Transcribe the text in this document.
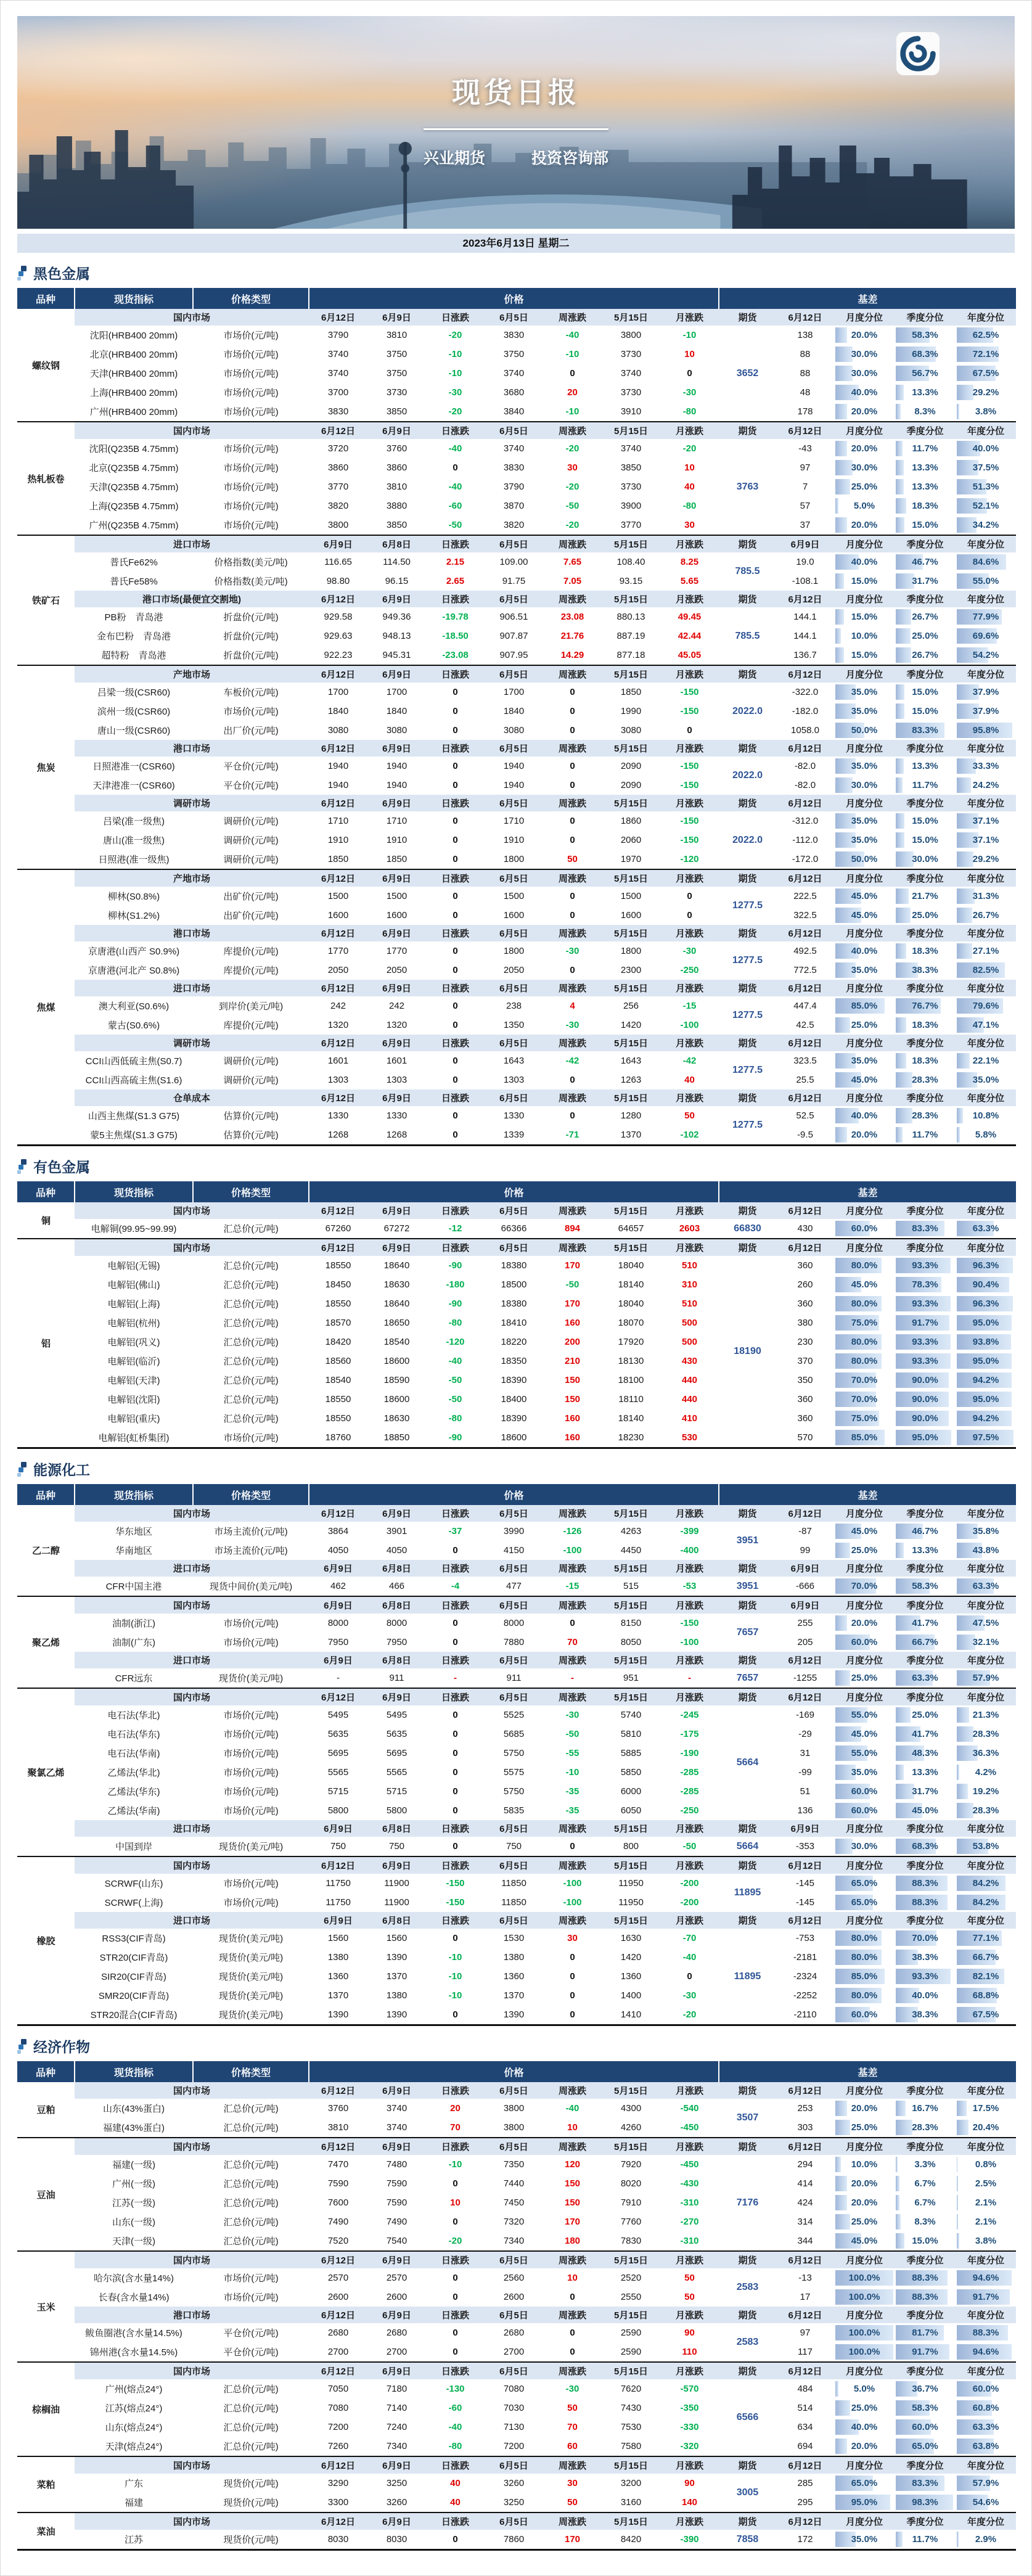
现货日报
兴业期货	投资咨询部
2023年6月13日 星期二
黑色金属
品种	现货指标	价格类型	价格							基差				
螺纹钢	国内市场		6月12日	6月9日	日涨跌	6月5日	周涨跌	5月15日	月涨跌	期货	6月12日	月度分位	季度分位	年度分位
	沈阳(HRB400 20mm)	市场价(元/吨)	3790	3810	-20	3830	-40	3800	-10	3652	138	20.0%	58.3%	62.5%

	北京(HRB400 20mm)	市场价(元/吨)	3740	3750	-10	3750	-10	3730	10		88	30.0%	68.3%	72.1%

	天津(HRB400 20mm)	市场价(元/吨)	3740	3750	-10	3740	0	3740	0		88	30.0%	56.7%	67.5%

	上海(HRB400 20mm)	市场价(元/吨)	3700	3730	-30	3680	20	3730	-30		48	40.0%	13.3%	29.2%

	广州(HRB400 20mm)	市场价(元/吨)	3830	3850	-20	3840	-10	3910	-80		178	20.0%	8.3%	3.8%

热轧板卷	国内市场		6月12日	6月9日	日涨跌	6月5日	周涨跌	5月15日	月涨跌	期货	6月12日	月度分位	季度分位	年度分位
	沈阳(Q235B 4.75mm)	市场价(元/吨)	3720	3760	-40	3740	-20	3740	-20	3763	-43	20.0%	11.7%	40.0%

	北京(Q235B 4.75mm)	市场价(元/吨)	3860	3860	0	3830	30	3850	10		97	30.0%	13.3%	37.5%

	天津(Q235B 4.75mm)	市场价(元/吨)	3770	3810	-40	3790	-20	3730	40		7	25.0%	13.3%	51.3%

	上海(Q235B 4.75mm)	市场价(元/吨)	3820	3880	-60	3870	-50	3900	-80		57	5.0%	18.3%	52.1%

	广州(Q235B 4.75mm)	市场价(元/吨)	3800	3850	-50	3820	-20	3770	30		37	20.0%	15.0%	34.2%

铁矿石	进口市场		6月9日	6月8日	日涨跌	6月5日	周涨跌	5月15日	月涨跌	期货	6月9日	月度分位	季度分位	年度分位
	普氏Fe62%	价格指数(美元/吨)	116.65	114.50	2.15	109.00	7.65	108.40	8.25	785.5	19.0	40.0%	46.7%	84.6%

	普氏Fe58%	价格指数(美元/吨)	98.80	96.15	2.65	91.75	7.05	93.15	5.65		-108.1	15.0%	31.7%	55.0%

	港口市场(最便宜交割地)		6月12日	6月9日	日涨跌	6月5日	周涨跌	5月15日	月涨跌	期货	6月12日	月度分位	季度分位	年度分位
	PB粉　青岛港	折盘价(元/吨)	929.58	949.36	-19.78	906.51	23.08	880.13	49.45	785.5	144.1	15.0%	26.7%	77.9%

	金布巴粉　青岛港	折盘价(元/吨)	929.63	948.13	-18.50	907.87	21.76	887.19	42.44		144.1	10.0%	25.0%	69.6%

	超特粉　青岛港	折盘价(元/吨)	922.23	945.31	-23.08	907.95	14.29	877.18	45.05		136.7	15.0%	26.7%	54.2%

焦炭	产地市场		6月12日	6月9日	日涨跌	6月5日	周涨跌	5月15日	月涨跌	期货	6月12日	月度分位	季度分位	年度分位
	吕梁一级(CSR60)	车板价(元/吨)	1700	1700	0	1700	0	1850	-150	2022.0	-322.0	35.0%	15.0%	37.9%

	滨州一级(CSR60)	市场价(元/吨)	1840	1840	0	1840	0	1990	-150		-182.0	35.0%	15.0%	37.9%

	唐山一级(CSR60)	出厂价(元/吨)	3080	3080	0	3080	0	3080	0		1058.0	50.0%	83.3%	95.8%

	港口市场		6月12日	6月9日	日涨跌	6月5日	周涨跌	5月15日	月涨跌	期货	6月12日	月度分位	季度分位	年度分位
	日照港准一(CSR60)	平仓价(元/吨)	1940	1940	0	1940	0	2090	-150	2022.0	-82.0	35.0%	13.3%	33.3%

	天津港准一(CSR60)	平仓价(元/吨)	1940	1940	0	1940	0	2090	-150		-82.0	30.0%	11.7%	24.2%

	调研市场		6月12日	6月9日	日涨跌	6月5日	周涨跌	5月15日	月涨跌	期货	6月12日	月度分位	季度分位	年度分位
	吕梁(准一级焦)	调研价(元/吨)	1710	1710	0	1710	0	1860	-150	2022.0	-312.0	35.0%	15.0%	37.1%

	唐山(准一级焦)	调研价(元/吨)	1910	1910	0	1910	0	2060	-150		-112.0	35.0%	15.0%	37.1%

	日照港(准一级焦)	调研价(元/吨)	1850	1850	0	1800	50	1970	-120		-172.0	50.0%	30.0%	29.2%

焦煤	产地市场		6月12日	6月9日	日涨跌	6月5日	周涨跌	5月15日	月涨跌	期货	6月12日	月度分位	季度分位	年度分位
	柳林(S0.8%)	出矿价(元/吨)	1500	1500	0	1500	0	1500	0	1277.5	222.5	45.0%	21.7%	31.3%

	柳林(S1.2%)	出矿价(元/吨)	1600	1600	0	1600	0	1600	0		322.5	45.0%	25.0%	26.7%

	港口市场		6月12日	6月9日	日涨跌	6月5日	周涨跌	5月15日	月涨跌	期货	6月12日	月度分位	季度分位	年度分位
	京唐港(山西产 S0.9%)	库提价(元/吨)	1770	1770	0	1800	-30	1800	-30	1277.5	492.5	40.0%	18.3%	27.1%

	京唐港(河北产 S0.8%)	库提价(元/吨)	2050	2050	0	2050	0	2300	-250		772.5	35.0%	38.3%	82.5%

	进口市场		6月12日	6月9日	日涨跌	6月5日	周涨跌	5月15日	月涨跌	期货	6月12日	月度分位	季度分位	年度分位
	澳大利亚(S0.6%)	到岸价(美元/吨)	242	242	0	238	4	256	-15	1277.5	447.4	85.0%	76.7%	79.6%

	蒙古(S0.6%)	库提价(元/吨)	1320	1320	0	1350	-30	1420	-100		42.5	25.0%	18.3%	47.1%

	调研市场		6月12日	6月9日	日涨跌	6月5日	周涨跌	5月15日	月涨跌	期货	6月12日	月度分位	季度分位	年度分位
	CCI山西低硫主焦(S0.7)	调研价(元/吨)	1601	1601	0	1643	-42	1643	-42	1277.5	323.5	35.0%	18.3%	22.1%

	CCI山西高硫主焦(S1.6)	调研价(元/吨)	1303	1303	0	1303	0	1263	40		25.5	45.0%	28.3%	35.0%

	仓单成本		6月12日	6月9日	日涨跌	6月5日	周涨跌	5月15日	月涨跌	期货	6月12日	月度分位	季度分位	年度分位
	山西主焦煤(S1.3 G75)	估算价(元/吨)	1330	1330	0	1330	0	1280	50	1277.5	52.5	40.0%	28.3%	10.8%

	蒙5主焦煤(S1.3 G75)	估算价(元/吨)	1268	1268	0	1339	-71	1370	-102		-9.5	20.0%	11.7%	5.8%
有色金属
品种	现货指标	价格类型	价格							基差				
铜	国内市场		6月12日	6月9日	日涨跌	6月5日	周涨跌	5月15日	月涨跌	期货	6月12日	月度分位	季度分位	年度分位
	电解铜(99.95~99.99)	汇总价(元/吨)	67260	67272	-12	66366	894	64657	2603	66830	430	60.0%	83.3%	63.3%

铝	国内市场		6月12日	6月9日	日涨跌	6月5日	周涨跌	5月15日	月涨跌	期货	6月12日	月度分位	季度分位	年度分位
	电解铝(无锡)	汇总价(元/吨)	18550	18640	-90	18380	170	18040	510	18190	360	80.0%	93.3%	96.3%

	电解铝(佛山)	汇总价(元/吨)	18450	18630	-180	18500	-50	18140	310		260	45.0%	78.3%	90.4%

	电解铝(上海)	汇总价(元/吨)	18550	18640	-90	18380	170	18040	510		360	80.0%	93.3%	96.3%

	电解铝(杭州)	汇总价(元/吨)	18570	18650	-80	18410	160	18070	500		380	75.0%	91.7%	95.0%

	电解铝(巩义)	汇总价(元/吨)	18420	18540	-120	18220	200	17920	500		230	80.0%	93.3%	93.8%

	电解铝(临沂)	汇总价(元/吨)	18560	18600	-40	18350	210	18130	430		370	80.0%	93.3%	95.0%

	电解铝(天津)	汇总价(元/吨)	18540	18590	-50	18390	150	18100	440		350	70.0%	90.0%	94.2%

	电解铝(沈阳)	汇总价(元/吨)	18550	18600	-50	18400	150	18110	440		360	70.0%	90.0%	95.0%

	电解铝(重庆)	汇总价(元/吨)	18550	18630	-80	18390	160	18140	410		360	75.0%	90.0%	94.2%

	电解铝(虹桥集团)	市场价(元/吨)	18760	18850	-90	18600	160	18230	530		570	85.0%	95.0%	97.5%
能源化工
品种	现货指标	价格类型	价格							基差				
乙二醇	国内市场		6月12日	6月9日	日涨跌	6月5日	周涨跌	5月15日	月涨跌	期货	6月12日	月度分位	季度分位	年度分位
	华东地区	市场主流价(元/吨)	3864	3901	-37	3990	-126	4263	-399	3951	-87	45.0%	46.7%	35.8%

	华南地区	市场主流价(元/吨)	4050	4050	0	4150	-100	4450	-400		99	25.0%	13.3%	43.8%

	进口市场		6月9日	6月8日	日涨跌	6月5日	周涨跌	5月15日	月涨跌	期货	6月9日	月度分位	季度分位	年度分位
	CFR中国主港	现货中间价(美元/吨)	462	466	-4	477	-15	515	-53	3951	-666	70.0%	58.3%	63.3%

聚乙烯	国内市场		6月9日	6月8日	日涨跌	6月5日	周涨跌	5月15日	月涨跌	期货	6月9日	月度分位	季度分位	年度分位
	油制(浙江)	市场价(元/吨)	8000	8000	0	8000	0	8150	-150	7657	255	20.0%	41.7%	47.5%

	油制(广东)	市场价(元/吨)	7950	7950	0	7880	70	8050	-100		205	60.0%	66.7%	32.1%

	进口市场		6月9日	6月8日	日涨跌	6月5日	周涨跌	5月15日	月涨跌	期货	6月12日	月度分位	季度分位	年度分位
	CFR远东	现货价(美元/吨)	-	911	-	911	-	951	-	7657	-1255	25.0%	63.3%	57.9%

聚氯乙烯	国内市场		6月12日	6月9日	日涨跌	6月5日	周涨跌	5月15日	月涨跌	期货	6月12日	月度分位	季度分位	年度分位
	电石法(华北)	市场价(元/吨)	5495	5495	0	5525	-30	5740	-245	5664	-169	55.0%	25.0%	21.3%

	电石法(华东)	市场价(元/吨)	5635	5635	0	5685	-50	5810	-175		-29	45.0%	41.7%	28.3%

	电石法(华南)	市场价(元/吨)	5695	5695	0	5750	-55	5885	-190		31	55.0%	48.3%	36.3%

	乙烯法(华北)	市场价(元/吨)	5565	5565	0	5575	-10	5850	-285		-99	35.0%	13.3%	4.2%

	乙烯法(华东)	市场价(元/吨)	5715	5715	0	5750	-35	6000	-285		51	60.0%	31.7%	19.2%

	乙烯法(华南)	市场价(元/吨)	5800	5800	0	5835	-35	6050	-250		136	60.0%	45.0%	28.3%

	进口市场		6月9日	6月8日	日涨跌	6月5日	周涨跌	5月15日	月涨跌	期货	6月9日	月度分位	季度分位	年度分位
	中国到岸	现货价(美元/吨)	750	750	0	750	0	800	-50	5664	-353	30.0%	68.3%	53.8%

橡胶	国内市场		6月12日	6月9日	日涨跌	6月5日	周涨跌	5月15日	月涨跌	期货	6月12日	月度分位	季度分位	年度分位
	SCRWF(山东)	市场价(元/吨)	11750	11900	-150	11850	-100	11950	-200	11895	-145	65.0%	88.3%	84.2%

	SCRWF(上海)	市场价(元/吨)	11750	11900	-150	11850	-100	11950	-200		-145	65.0%	88.3%	84.2%

	进口市场		6月9日	6月8日	日涨跌	6月5日	周涨跌	5月15日	月涨跌	期货	6月12日	月度分位	季度分位	年度分位
	RSS3(CIF青岛)	现货价(美元/吨)	1560	1560	0	1530	30	1630	-70	11895	-753	80.0%	70.0%	77.1%

	STR20(CIF青岛)	现货价(美元/吨)	1380	1390	-10	1380	0	1420	-40		-2181	80.0%	38.3%	66.7%

	SIR20(CIF青岛)	现货价(美元/吨)	1360	1370	-10	1360	0	1360	0		-2324	85.0%	93.3%	82.1%

	SMR20(CIF青岛)	现货价(美元/吨)	1370	1380	-10	1370	0	1400	-30		-2252	80.0%	40.0%	68.8%

	STR20混合(CIF青岛)	现货价(美元/吨)	1390	1390	0	1390	0	1410	-20		-2110	60.0%	38.3%	67.5%
经济作物
品种	现货指标	价格类型	价格							基差				
豆粕	国内市场		6月12日	6月9日	日涨跌	6月5日	周涨跌	5月15日	月涨跌	期货	6月12日	月度分位	季度分位	年度分位
	山东(43%蛋白)	汇总价(元/吨)	3760	3740	20	3800	-40	4300	-540	3507	253	20.0%	16.7%	17.5%

	福建(43%蛋白)	汇总价(元/吨)	3810	3740	70	3800	10	4260	-450		303	25.0%	28.3%	20.4%

豆油	国内市场		6月12日	6月9日	日涨跌	6月5日	周涨跌	5月15日	月涨跌	期货	6月12日	月度分位	季度分位	年度分位
	福建(一级)	汇总价(元/吨)	7470	7480	-10	7350	120	7920	-450	7176	294	10.0%	3.3%	0.8%

	广州(一级)	汇总价(元/吨)	7590	7590	0	7440	150	8020	-430		414	20.0%	6.7%	2.5%

	江苏(一级)	汇总价(元/吨)	7600	7590	10	7450	150	7910	-310		424	20.0%	6.7%	2.1%

	山东(一级)	汇总价(元/吨)	7490	7490	0	7320	170	7760	-270		314	25.0%	8.3%	2.1%

	天津(一级)	汇总价(元/吨)	7520	7540	-20	7340	180	7830	-310		344	45.0%	15.0%	3.8%

玉米	国内市场		6月12日	6月9日	日涨跌	6月5日	周涨跌	5月15日	月涨跌	期货	6月12日	月度分位	季度分位	年度分位
	哈尔滨(含水量14%)	市场价(元/吨)	2570	2570	0	2560	10	2520	50	2583	-13	100.0%	88.3%	94.6%

	长春(含水量14%)	市场价(元/吨)	2600	2600	0	2600	0	2550	50		17	100.0%	88.3%	91.7%

	港口市场		6月12日	6月9日	日涨跌	6月5日	周涨跌	5月15日	月涨跌	期货	6月12日	月度分位	季度分位	年度分位
	鲅鱼圈港(含水量14.5%)	平仓价(元/吨)	2680	2680	0	2680	0	2590	90	2583	97	100.0%	81.7%	88.3%

	锦州港(含水量14.5%)	平仓价(元/吨)	2700	2700	0	2700	0	2590	110		117	100.0%	91.7%	94.6%

棕榈油	国内市场		6月12日	6月9日	日涨跌	6月5日	周涨跌	5月15日	月涨跌	期货	6月12日	月度分位	季度分位	年度分位
	广州(熔点24°)	汇总价(元/吨)	7050	7180	-130	7080	-30	7620	-570	6566	484	5.0%	36.7%	60.0%

	江苏(熔点24°)	汇总价(元/吨)	7080	7140	-60	7030	50	7430	-350		514	25.0%	58.3%	60.8%

	山东(熔点24°)	汇总价(元/吨)	7200	7240	-40	7130	70	7530	-330		634	40.0%	60.0%	63.3%

	天津(熔点24°)	汇总价(元/吨)	7260	7340	-80	7200	60	7580	-320		694	20.0%	65.0%	63.8%

菜粕	国内市场		6月12日	6月9日	日涨跌	6月5日	周涨跌	5月15日	月涨跌	期货	6月12日	月度分位	季度分位	年度分位
	广东	现货价(元/吨)	3290	3250	40	3260	30	3200	90	3005	285	65.0%	83.3%	57.9%

	福建	现货价(元/吨)	3300	3260	40	3250	50	3160	140		295	95.0%	98.3%	54.6%

菜油	国内市场		6月12日	6月9日	日涨跌	6月5日	周涨跌	5月15日	月涨跌	期货	6月12日	月度分位	季度分位	年度分位
	江苏	现货价(元/吨)	8030	8030	0	7860	170	8420	-390	7858	172	35.0%	11.7%	2.9%
